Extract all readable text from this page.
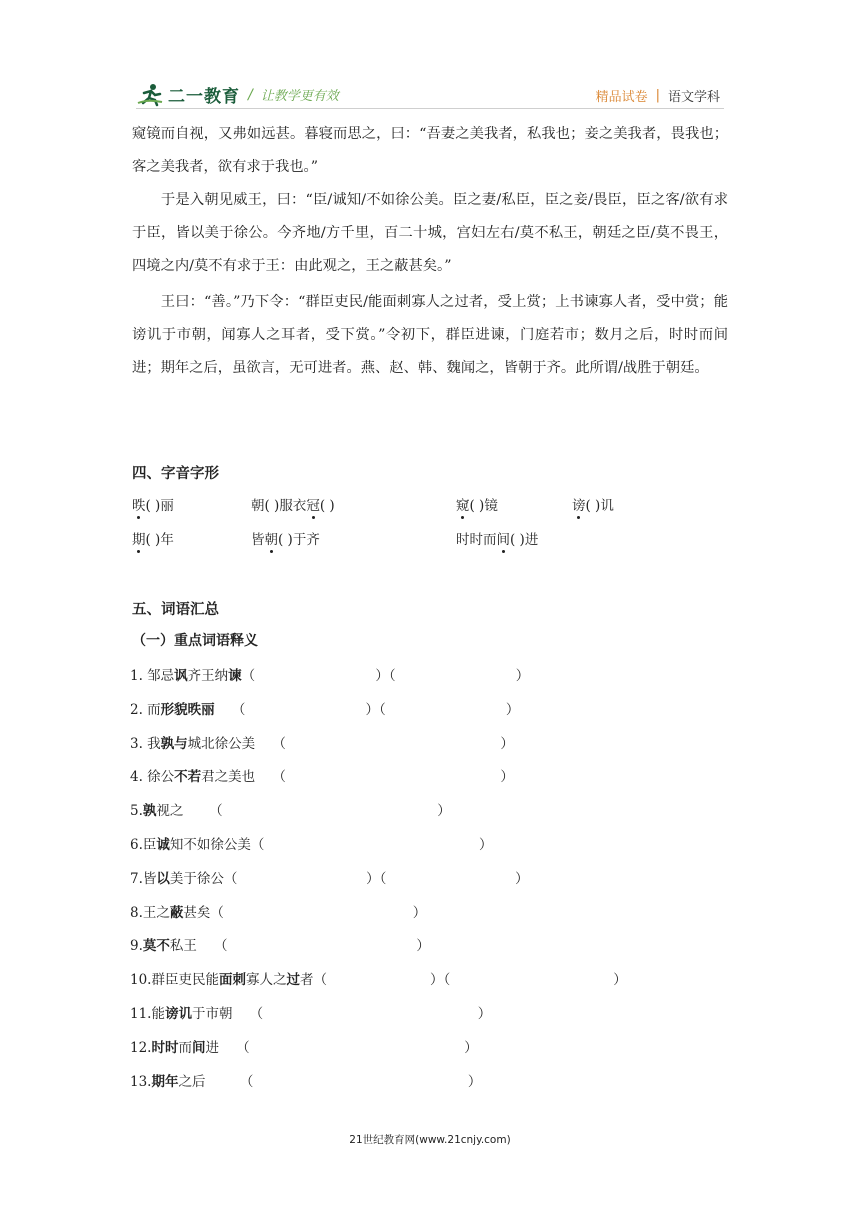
二一教育 / 让教学更有效	精品试卷 | 语文学科
窥镜而自视，又弗如远甚。暮寝而思之，曰：“吾妻之美我者，私我也；妾之美我者，畏我也；客之美我者，欲有求于我也。”
　　于是入朝见威王，曰：“臣/诚知/不如徐公美。臣之妻/私臣，臣之妾/畏臣，臣之客/欲有求于臣，皆以美于徐公。今齐地/方千里，百二十城，宫妇左右/莫不私王，朝廷之臣/莫不畏王，四境之内/莫不有求于王：由此观之，王之蔽甚矣。”
　　王曰：“善。”乃下令：“群臣吏民/能面刺寡人之过者，受上赏；上书谏寡人者，受中赏；能谤讥于市朝，闻寡人之耳者，受下赏。”令初下，群臣进谏，门庭若市；数月之后，时时而间进；期年之后，虽欲言，无可进者。燕、赵、韩、魏闻之，皆朝于齐。此所谓/战胜于朝廷。
四、字音字形
昳( )丽	朝( )服衣冠( )	窥( )镜	谤( )讥
期( )年	皆朝( )于齐	时时而间( )进
五、词语汇总
（一）重点词语释义
1. 邹忌讽齐王纳谏（                            ）（                            ）
2. 而形貌昳丽    （                            ）（                            ）
3. 我孰与城北徐公美    （                                                  ）
4. 徐公不若君之美也    （                                                  ）
5.孰视之      （                                                  ）
6.臣诚知不如徐公美（                                                  ）
7.皆以美于徐公（                              ）（                              ）
8.王之蔽甚矣（                                            ）
9.莫不私王    （                                            ）
10.群臣吏民能面刺寡人之过者（                        ）（                                      ）
11.能谤讥于市朝    （                                                  ）
12.时时而间进    （                                                  ）
13.期年之后        （                                                  ）
21世纪教育网(www.21cnjy.com)
